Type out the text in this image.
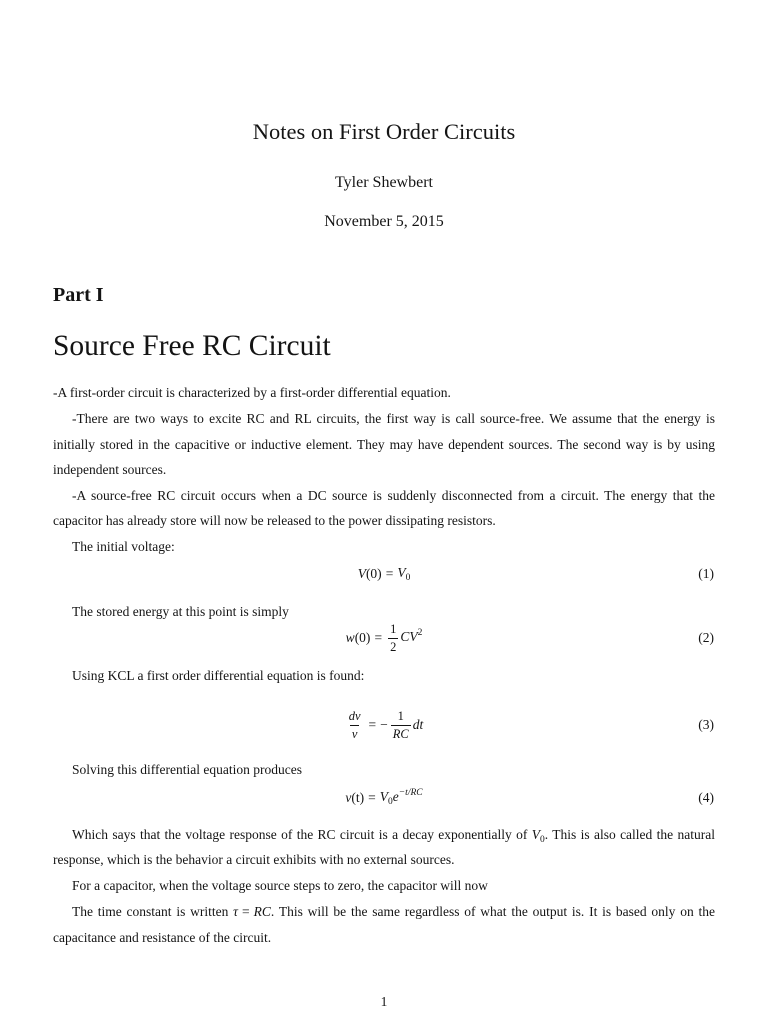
Notes on First Order Circuits
Tyler Shewbert
November 5, 2015
Part I
Source Free RC Circuit
-A first-order circuit is characterized by a first-order differential equation.
-There are two ways to excite RC and RL circuits, the first way is call source-free. We assume that the energy is
initially stored in the capacitive or inductive element. They may have dependent sources. The second way is by using
independent sources.
-A source-free RC circuit occurs when a DC source is suddenly disconnected from a circuit. The energy that the
capacitor has already store will now be released to the power dissipating resistors.
The initial voltage:
$V(0) = V_0$	(1)
The stored energy at this point is simply
$w(0) = \frac{1}{2} CV^2$	(2)
Using KCL a first order differential equation is found:
$\frac{dv}{v}$ = − $\frac{1}{RC}$ dt	(3)
Solving this differential equation produces
$v(t) = V_0e^{-t/RC}$	(4)
Which says that the voltage response of the RC circuit is a decay exponentially of $V_0$. This is also called the natural
response, which is the behavior a circuit exhibits with no external sources.
For a capacitor, when the voltage source steps to zero, the capacitor will now
The time constant is written τ = RC. This will be the same regardless of what the output is. It is based only on the
capacitance and resistance of the circuit.
1
